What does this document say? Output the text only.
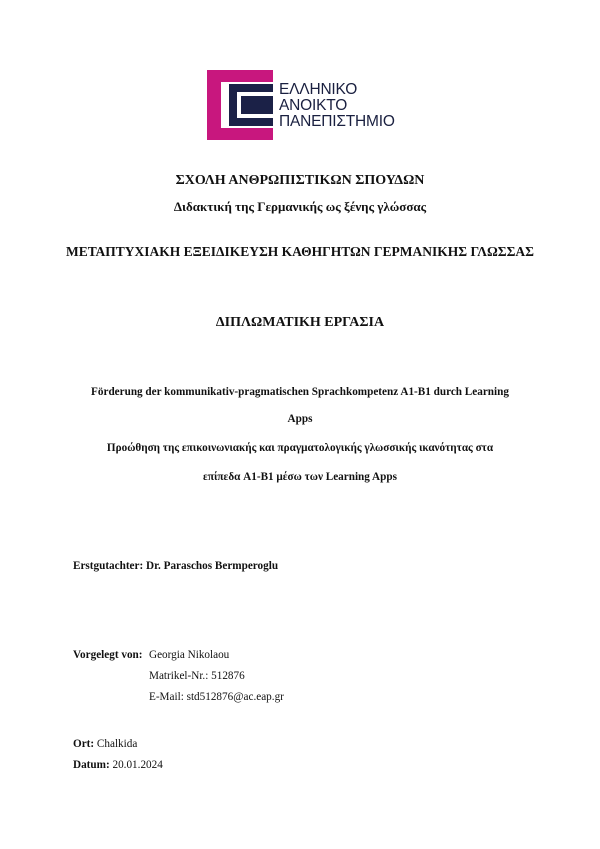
ΕΛΛΗΝΙΚΟ
ΑΝΟΙΚΤΟ
ΠΑΝΕΠΙΣΤΗΜΙΟ
ΣΧΟΛΗ ΑΝΘΡΩΠΙΣΤΙΚΩΝ ΣΠΟΥΔΩΝ
Διδακτική της Γερμανικής ως ξένης γλώσσας
ΜΕΤΑΠΤΥΧΙΑΚΗ ΕΞΕΙΔΙΚΕΥΣΗ ΚΑΘΗΓΗΤΩΝ ΓΕΡΜΑΝΙΚΗΣ ΓΛΩΣΣΑΣ
ΔΙΠΛΩΜΑΤΙΚΗ ΕΡΓΑΣΙΑ
Förderung der kommunikativ-pragmatischen Sprachkompetenz A1-B1 durch Learning
Apps
Προώθηση της επικοινωνιακής και πραγματολογικής γλωσσικής ικανότητας στα
επίπεδα A1-B1 μέσω των Learning Apps
Erstgutachter: Dr. Paraschos Bermperoglu
Vorgelegt von: Georgia Nikolaou
Matrikel-Nr.: 512876
E-Mail: std512876@ac.eap.gr
Ort: Chalkida
Datum: 20.01.2024
